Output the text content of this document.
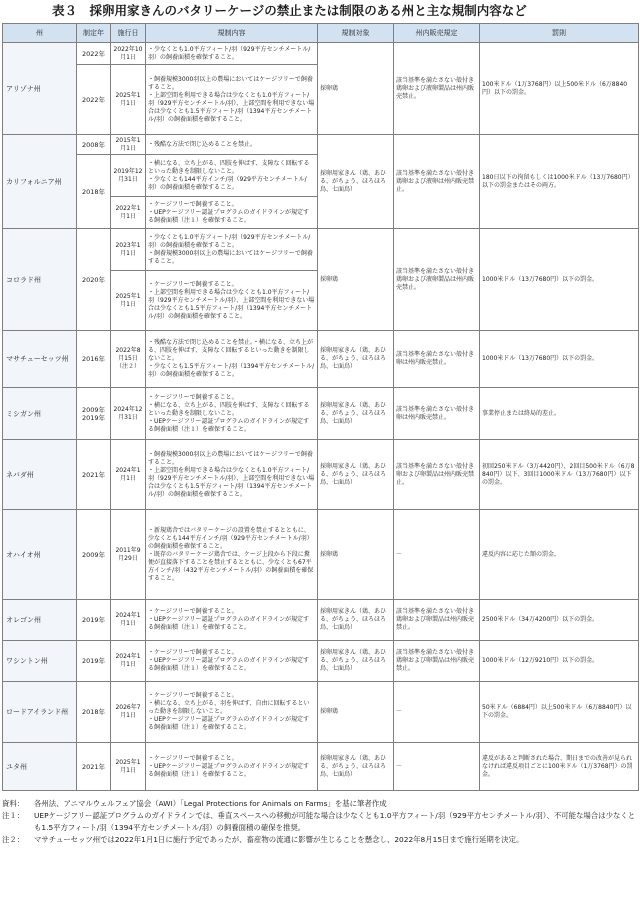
表３　採卵用家きんのバタリーケージの禁止または制限のある州と主な規制内容など
州	制定年	施行日	規制内容	規制対象	州内販売規定	罰則
アリゾナ州	2022年	2022年10月1日	・少なくとも1.0平方フィート/羽（929平方センチメートル/羽）の飼養面積を確保すること。	採卵鶏	該当基準を満たさない殻付き鶏卵および液卵製品は州内販売禁止。	100米ドル（1万3768円）以上500米ドル（6万8840円）以下の罰金。
	2022年	2025年1月1日	・飼養規模3000羽以上の農場においてはケージフリーで飼養すること。
・上部空間を利用できる場合は少なくとも1.0平方フィート/羽（929平方センチメートル/羽）、上部空間を利用できない場合は少なくとも1.5平方フィート/羽（1394平方センチメートル/羽）の飼養面積を確保すること。			
カリフォルニア州	2008年	2015年1月1日	・残酷な方法で閉じ込めることを禁止。	採卵用家きん（鶏、あひる、がちょう、ほろほろ鳥、七面鳥）	該当基準を満たさない殻付き鶏卵および液卵は州内販売禁止。	180日以下の拘留もしくは1000米ドル（13万7680円）以下の罰金またはその両方。
	2018年	2019年12月31日	・横になる、立ち上がる、四肢を伸ばす、支障なく回転するといった動きを制限しないこと。
・少なくとも144平方インチ/羽（929平方センチメートル/羽）の飼養面積を確保すること。			
		2022年1月1日	・ケージフリーで飼養すること。
・UEPケージフリー認証プログラムのガイドラインが規定する飼養面積（注１）を確保すること。			
コロラド州	2020年	2023年1月1日	・少なくとも1.0平方フィート/羽（929平方センチメートル/羽）の飼養面積を確保すること。
・飼養規模3000羽以上の農場においてはケージフリーで飼養すること。	採卵鶏	該当基準を満たさない殻付き鶏卵および液卵製品は州内販売禁止。	1000米ドル（13万7680円）以下の罰金。
		2025年1月1日	・ケージフリーで飼養すること。
・上部空間を利用できる場合は少なくとも1.0平方フィート/羽（929平方センチメートル/羽）、上部空間を利用できない場合は少なくとも1.5平方フィート/羽（1394平方センチメートル/羽）の飼養面積を確保すること。			
マサチューセッツ州	2016年	2022年8月15日（注２）	・残酷な方法で閉じ込めることを禁止。・横になる、立ち上がる、四肢を伸ばす、支障なく回転するといった動きを制限しないこと。
・少なくとも1.5平方フィート/羽（1394平方センチメートル/羽）の飼養面積を確保すること。	採卵用家きん（鶏、あひる、がちょう、ほろほろ鳥、七面鳥）	該当基準を満たさない殻付き卵は州内販売禁止。	1000米ドル（13万7680円）以下の罰金。
ミシガン州	2009年
2019年	2024年12月31日	・ケージフリーで飼養すること。
・横になる、立ち上がる、四肢を伸ばす、支障なく回転するといった動きを制限しないこと。
・UEPケージフリー認証プログラムのガイドラインが規定する飼養面積（注１）を確保すること。	採卵用家きん（鶏、あひる、がちょう、ほろほろ鳥、七面鳥）	該当基準を満たさない殻付き卵は州内販売禁止。	事業停止または終局的差止。
ネバダ州	2021年	2024年1月1日	・飼養規模3000羽以上の農場においてはケージフリーで飼養すること。
・上部空間を利用できる場合は少なくとも1.0平方フィート/羽（929平方センチメートル/羽）、上部空間を利用できない場合は少なくとも1.5平方フィート/羽（1394平方センチメートル/羽）の飼養面積を確保すること。	採卵用家きん（鶏、あひる、がちょう、ほろほろ鳥、七面鳥）	該当基準を満たさない殻付き卵および卵製品は州内販売禁止。	初回250米ドル（3万4420円）、2回目500米ドル（6万8840円）以下、3回目1000米ドル（13万7680円）以下の罰金。
オハイオ州	2009年	2011年9月29日	・新規鶏舎ではバタリーケージの設置を禁止するとともに、少なくとも144平方インチ/羽（929平方センチメートル/羽）の飼養面積を確保すること。
・既存のバタリーケージ鶏舎では、ケージ上段から下段に糞便が直接落下することを禁止するとともに、少なくとも67平方インチ/羽（432平方センチメートル/羽）の飼養面積を確保すること。	採卵鶏	－	違反内容に応じた額の罰金。
オレゴン州	2019年	2024年1月1日	・ケージフリーで飼養すること。
・UEPケージフリー認証プログラムのガイドラインが規定する飼養面積（注１）を確保すること。	採卵用家きん（鶏、あひる、がちょう、ほろほろ鳥、七面鳥）	該当基準を満たさない殻付き鶏卵および卵製品は州内販売禁止。	2500米ドル（34万4200円）以下の罰金。
ワシントン州	2019年	2024年1月1日	・ケージフリーで飼養すること。
・UEPケージフリー認証プログラムのガイドラインが規定する飼養面積（注１）を確保すること。	採卵用家きん（鶏、あひる、がちょう、ほろほろ鳥、七面鳥）	該当基準を満たさない殻付き鶏卵および卵製品は州内販売禁止。	1000米ドル（12万9210円）以下の罰金。
ロードアイランド州	2018年	2026年7月1日	・ケージフリーで飼養すること。
・横になる、立ち上がる、羽を伸ばす、自由に回転するといった動きを制限しないこと。
・UEPケージフリー認証プログラムのガイドラインが規定する飼養面積（注１）を確保すること。	採卵鶏	－	50米ドル（6884円）以上500米ドル（6万8840円）以下の罰金。
ユタ州	2021年	2025年1月1日	・ケージフリーで飼養すること。
・UEPケージフリー認証プログラムのガイドラインが規定する飼養面積（注１）を確保すること。	採卵用家きん（鶏、あひる、がちょう、ほろほろ鳥、七面鳥）	－	違反があると判断された場合、期日までの改善が見られなければ違反項目ごとに100米ドル（1万3768円）の罰金。
資料：	各州法、アニマルウェルフェア協会（AWI）「Legal Protections for Animals on Farms」を基に筆者作成
注１：	UEPケージフリー認証プログラムのガイドラインでは、垂直スペースへの移動が可能な場合は少なくとも1.0平方フィート/羽（929平方センチメートル/羽）、不可能な場合は少なくとも1.5平方フィート/羽（1394平方センチメートル/羽）の飼養面積の確保を推奨。
注２：	マサチューセッツ州では2022年1月1日に施行予定であったが、畜産物の流通に影響が生じることを懸念し、2022年8月15日まで施行延期を決定。
